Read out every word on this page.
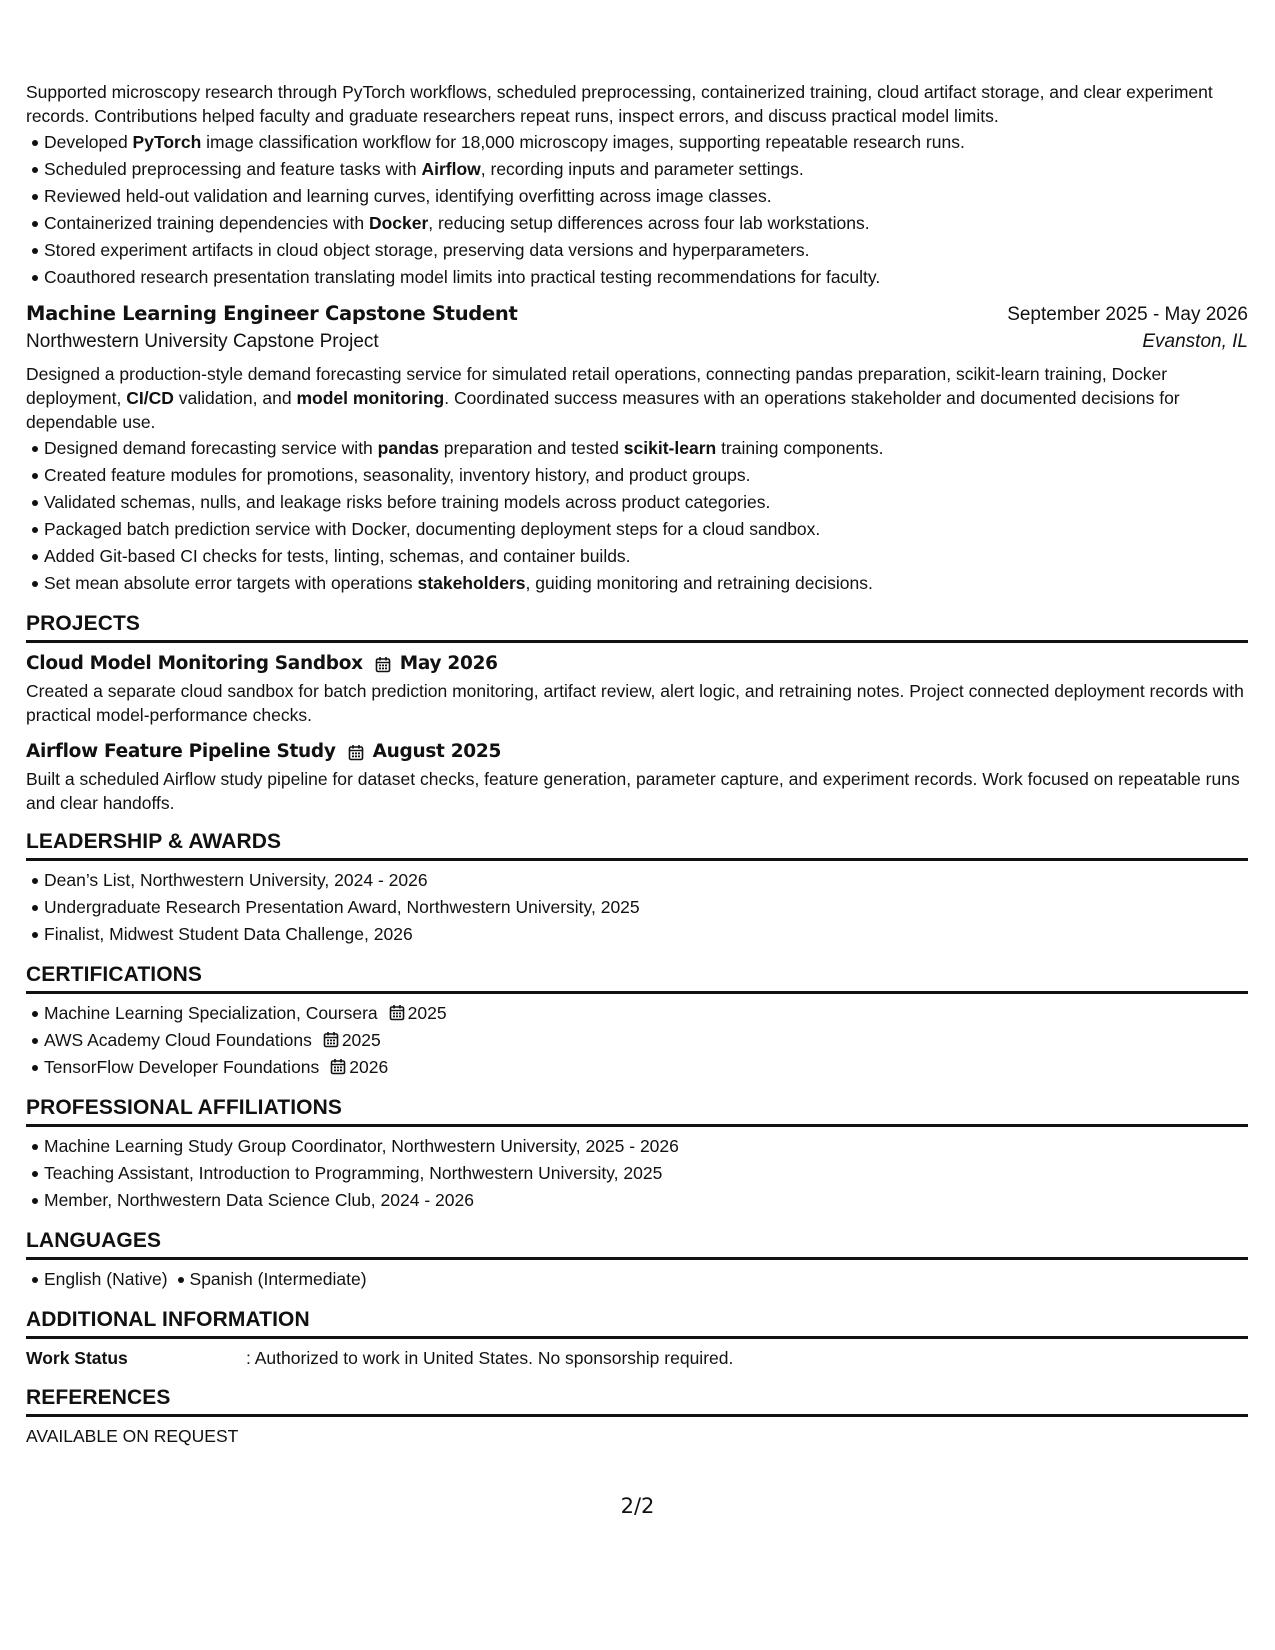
Supported microscopy research through PyTorch workflows, scheduled preprocessing, containerized training, cloud artifact storage, and clear experiment records. Contributions helped faculty and graduate researchers repeat runs, inspect errors, and discuss practical model limits.

Developed PyTorch image classification workflow for 18,000 microscopy images, supporting repeatable research runs.
Scheduled preprocessing and feature tasks with Airflow, recording inputs and parameter settings.
Reviewed held-out validation and learning curves, identifying overfitting across image classes.
Containerized training dependencies with Docker, reducing setup differences across four lab workstations.
Stored experiment artifacts in cloud object storage, preserving data versions and hyperparameters.
Coauthored research presentation translating model limits into practical testing recommendations for faculty.
Machine Learning Engineer Capstone Student	September 2025 - May 2026
Northwestern University Capstone Project	Evanston, IL

Designed a production-style demand forecasting service for simulated retail operations, connecting pandas preparation, scikit-learn training, Docker deployment, CI/CD validation, and model monitoring. Coordinated success measures with an operations stakeholder and documented decisions for dependable use.

Designed demand forecasting service with pandas preparation and tested scikit-learn training components.
Created feature modules for promotions, seasonality, inventory history, and product groups.
Validated schemas, nulls, and leakage risks before training models across product categories.
Packaged batch prediction service with Docker, documenting deployment steps for a cloud sandbox.
Added Git-based CI checks for tests, linting, schemas, and container builds.
Set mean absolute error targets with operations stakeholders, guiding monitoring and retraining decisions.
PROJECTS
Cloud Model Monitoring Sandbox May 2026

Created a separate cloud sandbox for batch prediction monitoring, artifact review, alert logic, and retraining notes. Project connected deployment records with practical model-performance checks.

Airflow Feature Pipeline Study August 2025

Built a scheduled Airflow study pipeline for dataset checks, feature generation, parameter capture, and experiment records. Work focused on repeatable runs and clear handoffs.

LEADERSHIP & AWARDS
Dean’s List, Northwestern University, 2024 - 2026
Undergraduate Research Presentation Award, Northwestern University, 2025
Finalist, Midwest Student Data Challenge, 2026
CERTIFICATIONS
Machine Learning Specialization, Coursera 2025
AWS Academy Cloud Foundations 2025
TensorFlow Developer Foundations 2026
PROFESSIONAL AFFILIATIONS
Machine Learning Study Group Coordinator, Northwestern University, 2025 - 2026
Teaching Assistant, Introduction to Programming, Northwestern University, 2025
Member, Northwestern Data Science Club, 2024 - 2026
LANGUAGES
English (Native) Spanish (Intermediate)
ADDITIONAL INFORMATION
Work Status	: Authorized to work in United States. No sponsorship required.
REFERENCES
AVAILABLE ON REQUEST
2/2
